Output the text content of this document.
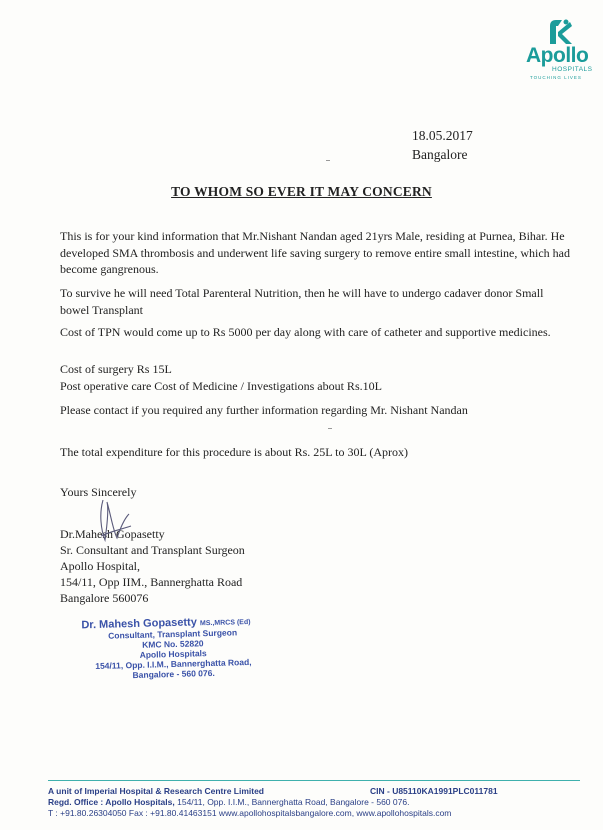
Apollo
HOSPITALS
TOUCHING LIVES
18.05.2017
Bangalore
TO WHOM SO EVER IT MAY CONCERN

This is for your kind information that Mr.Nishant Nandan aged 21yrs Male, residing at Purnea, Bihar. He developed SMA thrombosis and underwent life saving surgery to remove entire small intestine, which had become gangrenous.

To survive he will need Total Parenteral Nutrition, then he will have to undergo cadaver donor Small bowel Transplant

Cost of TPN would come up to Rs 5000 per day along with care of catheter and supportive medicines.

Cost of surgery Rs 15L

Post operative care Cost of Medicine / Investigations about Rs.10L

Please contact if you required any further information regarding Mr. Nishant Nandan

The total expenditure for this procedure is about Rs. 25L to 30L (Aprox)

Yours Sincerely
Dr.Mahesh Gopasetty
Sr. Consultant and Transplant Surgeon
Apollo Hospital,
154/11, Opp IIM., Bannerghatta Road
Bangalore 560076
Dr. Mahesh Gopasetty MS.,MRCS (Ed)
Consultant, Transplant Surgeon
KMC No. 52820
Apollo Hospitals
154/11, Opp. I.I.M., Bannerghatta Road,
Bangalore - 560 076.
A unit of Imperial Hospital & Research Centre Limited	CIN - U85110KA1991PLC011781
Regd. Office : Apollo Hospitals, 154/11, Opp. I.I.M., Bannerghatta Road, Bangalore - 560 076.
T : +91.80.26304050 Fax : +91.80.41463151 www.apollohospitalsbangalore.com, www.apollohospitals.com
